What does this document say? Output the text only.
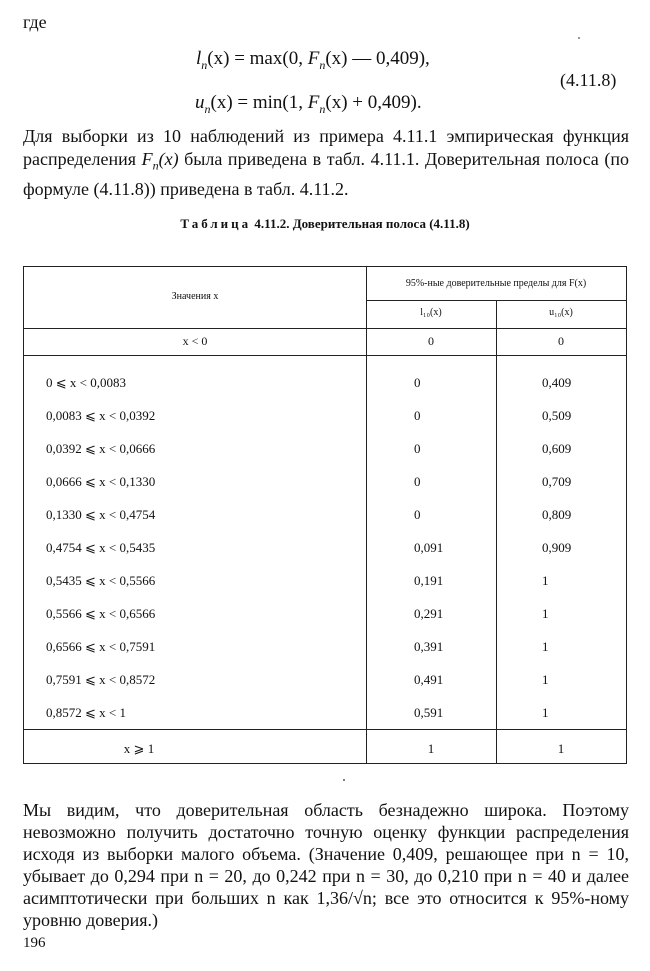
где
$l_n(x) = \max(0$, $F_n(x)$ — 0,409),
$u_n(x) = \min(1$, $F_n(x) + 0,409$).
(4.11.8)
Для выборки из 10 наблюдений из примера 4.11.1 эмпирическая функция распределения $F_n(x)$ была приведена в табл. 4.11.1. Доверительная полоса (по формуле (4.11.8)) приведена в табл. 4.11.2.
Таблица 4.11.2. Доверительная полоса (4.11.8)
Значения x
95%-ные доверительные пределы для F(x)
l₁₀(x)	u₁₀(x)
x < 0	0	0
0 ⩽ x < 0,0083	0	0,409
0,0083 ⩽ x < 0,0392	0	0,509
0,0392 ⩽ x < 0,0666	0	0,609
0,0666 ⩽ x < 0,1330	0	0,709
0,1330 ⩽ x < 0,4754	0	0,809
0,4754 ⩽ x < 0,5435	0,091	0,909
0,5435 ⩽ x < 0,5566	0,191	1
0,5566 ⩽ x < 0,6566	0,291	1
0,6566 ⩽ x < 0,7591	0,391	1
0,7591 ⩽ x < 0,8572	0,491	1
0,8572 ⩽ x < 1	0,591	1
x ⩾ 1	1	1
Мы видим, что доверительная область безнадежно широка. Поэтому невозможно получить достаточно точную оценку функции распределения исходя из выборки малого объема. (Значение 0,409, решающее при n = 10, убывает до 0,294 при n = 20, до 0,242 при n = 30, до 0,210 при n = 40 и далее асимптотически при больших n как 1,36/√n; все это относится к 95%-ному уровню доверия.)
196
